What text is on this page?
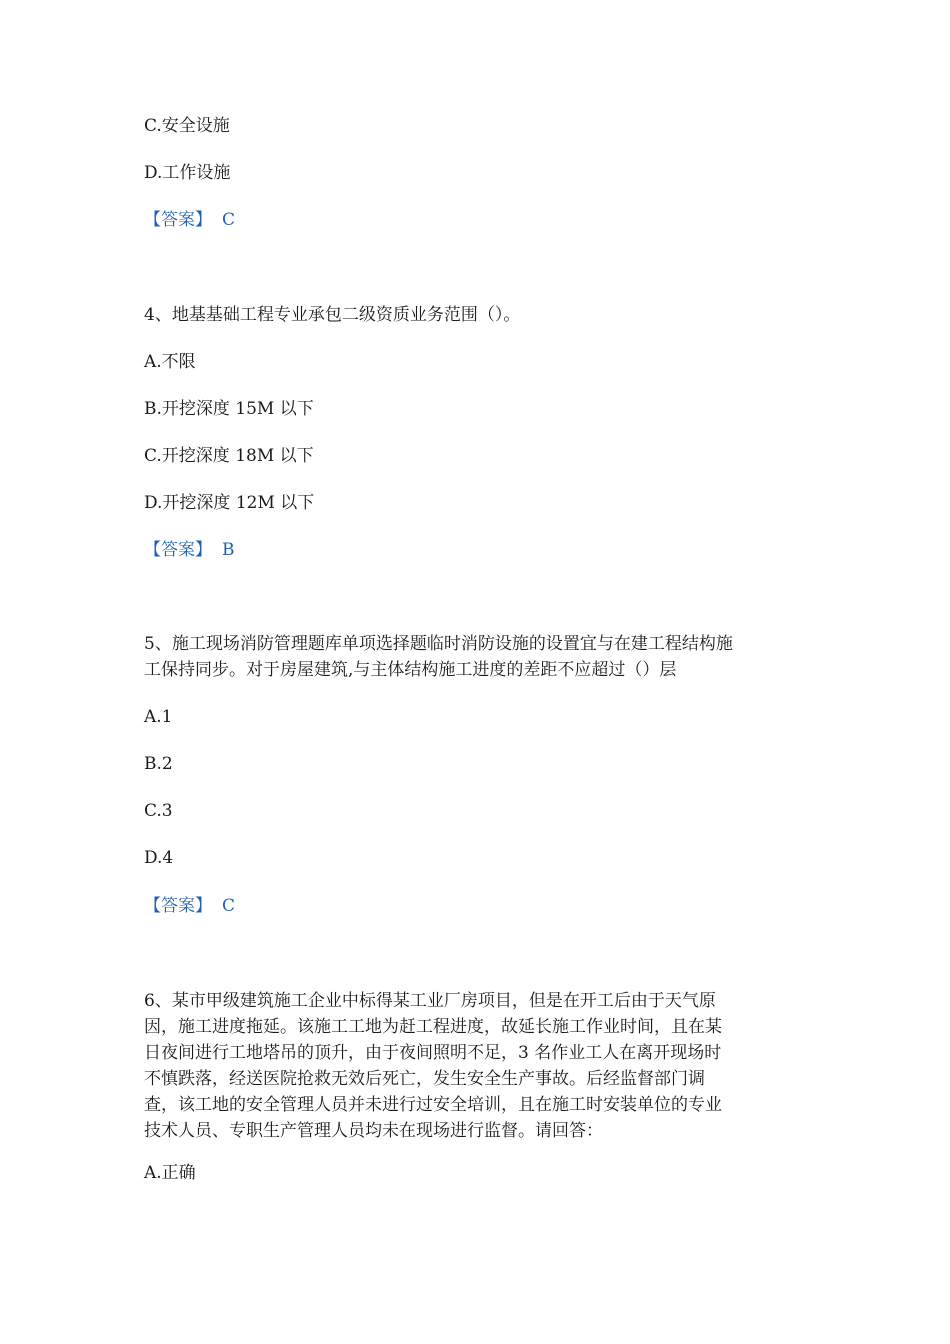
C.安全设施
D.工作设施
【答案】 C
4、地基基础工程专业承包二级资质业务范围（）。
A.不限
B.开挖深度 15M 以下
C.开挖深度 18M 以下
D.开挖深度 12M 以下
【答案】 B
5、施工现场消防管理题库单项选择题临时消防设施的设置宜与在建工程结构施
工保持同步。对于房屋建筑,与主体结构施工进度的差距不应超过（）层
A.1
B.2
C.3
D.4
【答案】 C
6、某市甲级建筑施工企业中标得某工业厂房项目，但是在开工后由于天气原
因，施工进度拖延。该施工工地为赶工程进度，故延长施工作业时间，且在某
日夜间进行工地塔吊的顶升，由于夜间照明不足，3 名作业工人在离开现场时
不慎跌落，经送医院抢救无效后死亡，发生安全生产事故。后经监督部门调
查，该工地的安全管理人员并未进行过安全培训，且在施工时安装单位的专业
技术人员、专职生产管理人员均未在现场进行监督。请回答：
A.正确
